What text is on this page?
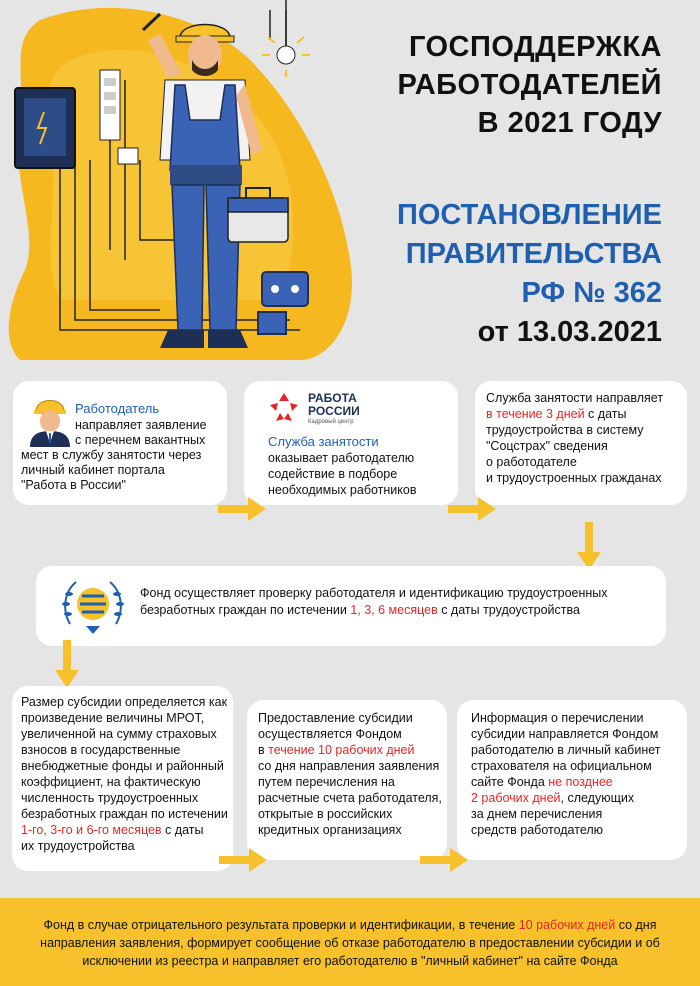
ГОСПОДДЕРЖКА
РАБОТОДАТЕЛЕЙ
В 2021 ГОДУ
ПОСТАНОВЛЕНИЕ
ПРАВИТЕЛЬСТВА
РФ № 362
от 13.03.2021
Работодатель
направляет заявление
с перечнем вакантных
мест в службу занятости через
личный кабинет портала
"Работа в России"
РАБОТА
РОССИИ
Кадровый центр
Служба занятости
оказывает работодателю
содействие в подборе
необходимых работников
Служба занятости направляет
в течение 3 дней с даты
трудоустройства в систему
"Соцстрах" сведения
о работодателе
и трудоустроенных гражданах
Фонд осуществляет проверку работодателя и идентификацию трудоустроенных
безработных граждан по истечении 1, 3, 6 месяцев с даты трудоустройства
Размер субсидии определяется как
произведение величины МРОТ,
увеличенной на сумму страховых
взносов в государственные
внебюджетные фонды и районный
коэффициент, на фактическую
численность трудоустроенных
безработных граждан по истечении
1-го, 3-го и 6-го месяцев с даты
их трудоустройства
Предоставление субсидии
осуществляется Фондом
в течение 10 рабочих дней
со дня направления заявления
путем перечисления на
расчетные счета работодателя,
открытые в российских
кредитных организациях
Информация о перечислении
субсидии направляется Фондом
работодателю в личный кабинет
страхователя на официальном
сайте Фонда не позднее
2 рабочих дней, следующих
за днем перечисления
средств работодателю
Фонд в случае отрицательного результата проверки и идентификации, в течение 10 рабочих дней со дня
направления заявления, формирует сообщение об отказе работодателю в предоставлении субсидии и об
исключении из реестра и направляет его работодателю в "личный кабинет" на сайте Фонда
